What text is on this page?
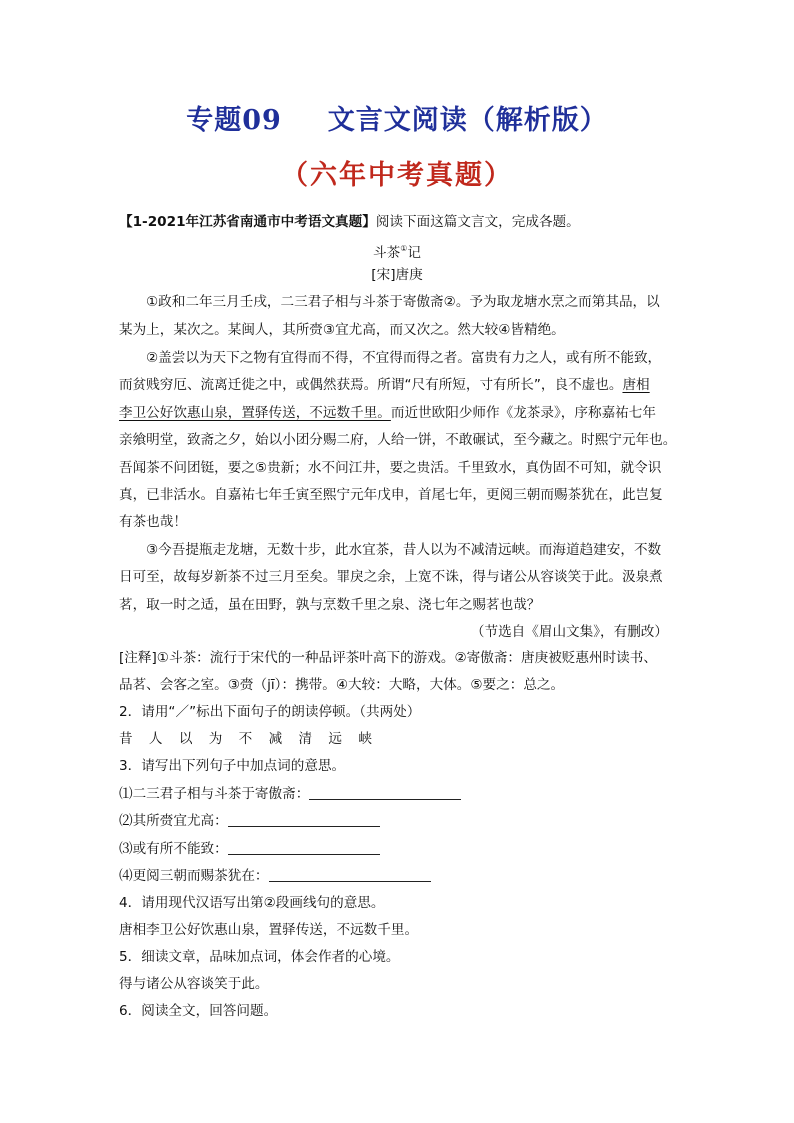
专题09 文言文阅读（解析版）
（六年中考真题）
【1-2021年江苏省南通市中考语文真题】阅读下面这篇文言文，完成各题。
斗茶①记
[宋]唐庚
①政和二年三月壬戌，二三君子相与斗茶于寄傲斋②。予为取龙塘水烹之而第其品，以
某为上，某次之。某闽人，其所赍③宜尤高，而又次之。然大较④皆精绝。
②盖尝以为天下之物有宜得而不得，不宜得而得之者。富贵有力之人，或有所不能致，
而贫贱穷厄、流离迁徙之中，或偶然获焉。所谓“尺有所短，寸有所长”，良不虚也。唐相
李卫公好饮惠山泉，置驿传送，不远数千里。而近世欧阳少师作《龙茶录》，序称嘉祐七年
亲飨明堂，致斋之夕，始以小团分赐二府，人给一饼，不敢碾试，至今藏之。时熙宁元年也。
吾闻茶不问团铤，要之⑤贵新；水不问江井，要之贵活。千里致水，真伪固不可知，就令识
真，已非活水。自嘉祐七年壬寅至熙宁元年戊申，首尾七年，更阅三朝而赐茶犹在，此岂复
有茶也哉！
③今吾提瓶走龙塘，无数十步，此水宜茶，昔人以为不减清远峡。而海道趋建安，不数
日可至，故每岁新茶不过三月至矣。罪戾之余，上宽不诛，得与诸公从容谈笑于此。汲泉煮
茗，取一时之适，虽在田野，孰与烹数千里之泉、浇七年之赐茗也哉？
（节选自《眉山文集》，有删改）
[注释]①斗茶：流行于宋代的一种品评茶叶高下的游戏。②寄傲斋：唐庚被贬惠州时读书、
品茗、会客之室。③赍（jī）：携带。④大较：大略，大体。⑤要之：总之。
2．请用“／”标出下面句子的朗读停顿。（共两处）
昔 人 以 为 不 减 清 远 峡
3．请写出下列句子中加点词的意思。
⑴二三君子相与斗茶于寄傲斋：
⑵其所赍宜尤高：
⑶或有所不能致：
⑷更阅三朝而赐茶犹在：
4．请用现代汉语写出第②段画线句的意思。
唐相李卫公好饮惠山泉，置驿传送，不远数千里。
5．细读文章，品味加点词，体会作者的心境。
得与诸公从容谈笑于此。
6．阅读全文，回答问题。
